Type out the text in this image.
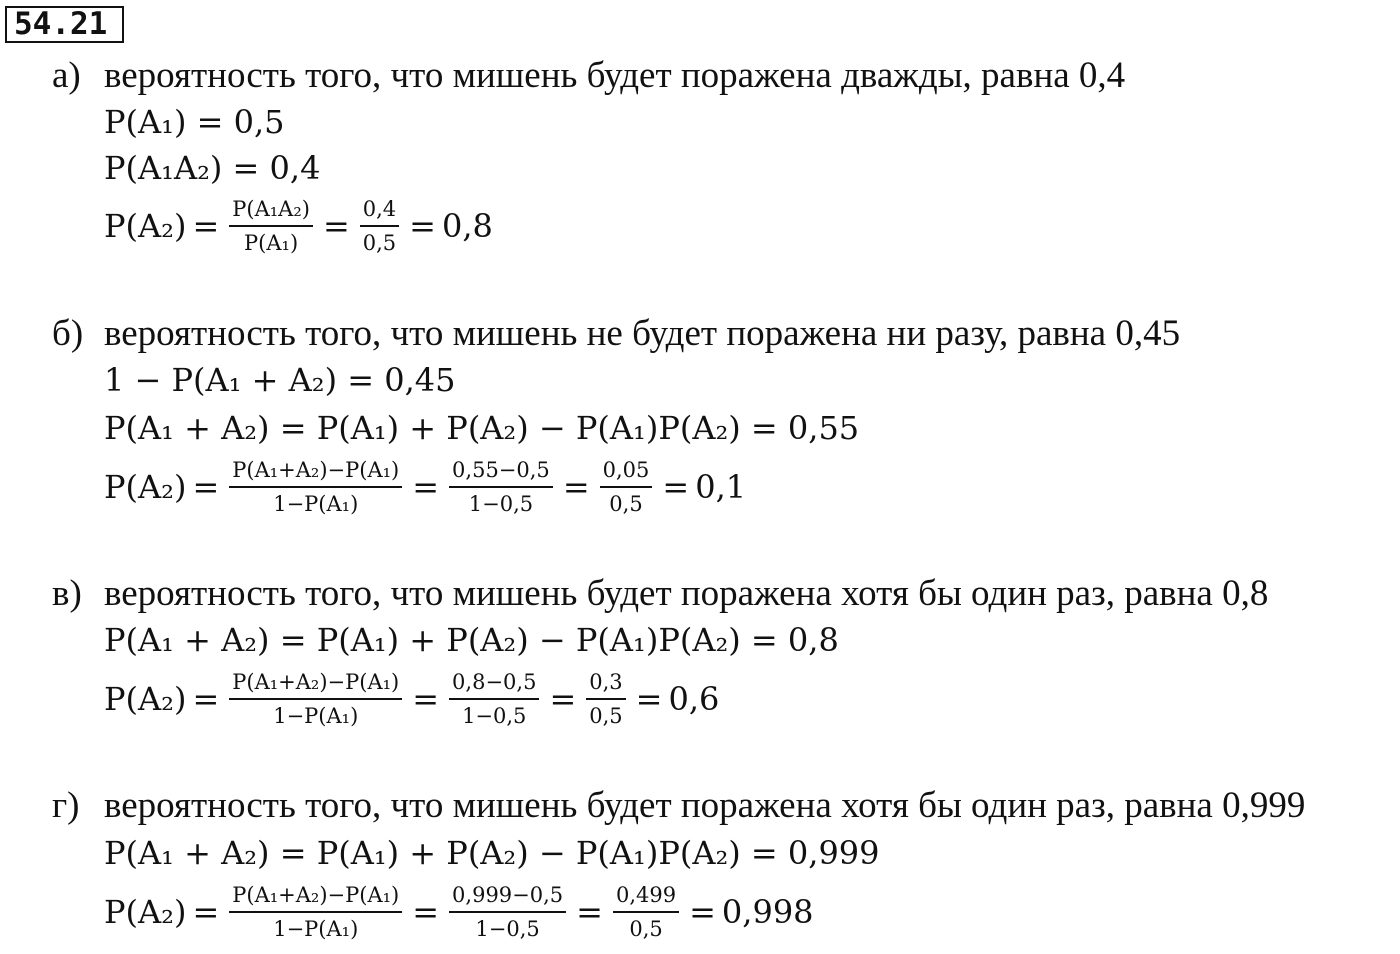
54.21
а) вероятность того, что мишень будет поражена дважды, равна 0,4
P(A₁) = 0,5
P(A₁A₂) = 0,4
$P(A_2) = \frac{\text{P(A₁A₂)}}{\text{P(A₁)}} = \frac{0,4}{0,5} = 0,8$
б) вероятность того, что мишень не будет поражена ни разу, равна 0,45
1 − P(A₁ + A₂) = 0,45
P(A₁ + A₂) = P(A₁) + P(A₂) − P(A₁)P(A₂) = 0,55
$P(A_2) = \frac{\text{P(A₁+A₂)−P(A₁)}}{\text{1−P(A₁)}} = \frac{0,55-0,5}{1-0,5} = \frac{0,05}{0,5} = 0,1$
в) вероятность того, что мишень будет поражена хотя бы один раз, равна 0,8
P(A₁ + A₂) = P(A₁) + P(A₂) − P(A₁)P(A₂) = 0,8
$P(A_2) = \frac{\text{P(A₁+A₂)−P(A₁)}}{\text{1−P(A₁)}} = \frac{0,8-0,5}{1-0,5} = \frac{0,3}{0,5} = 0,6$
г) вероятность того, что мишень будет поражена хотя бы один раз, равна 0,999
P(A₁ + A₂) = P(A₁) + P(A₂) − P(A₁)P(A₂) = 0,999
$P(A_2) = \frac{\text{P(A₁+A₂)−P(A₁)}}{\text{1−P(A₁)}} = \frac{0,999-0,5}{1-0,5} = \frac{0,499}{0,5} = 0,998$
